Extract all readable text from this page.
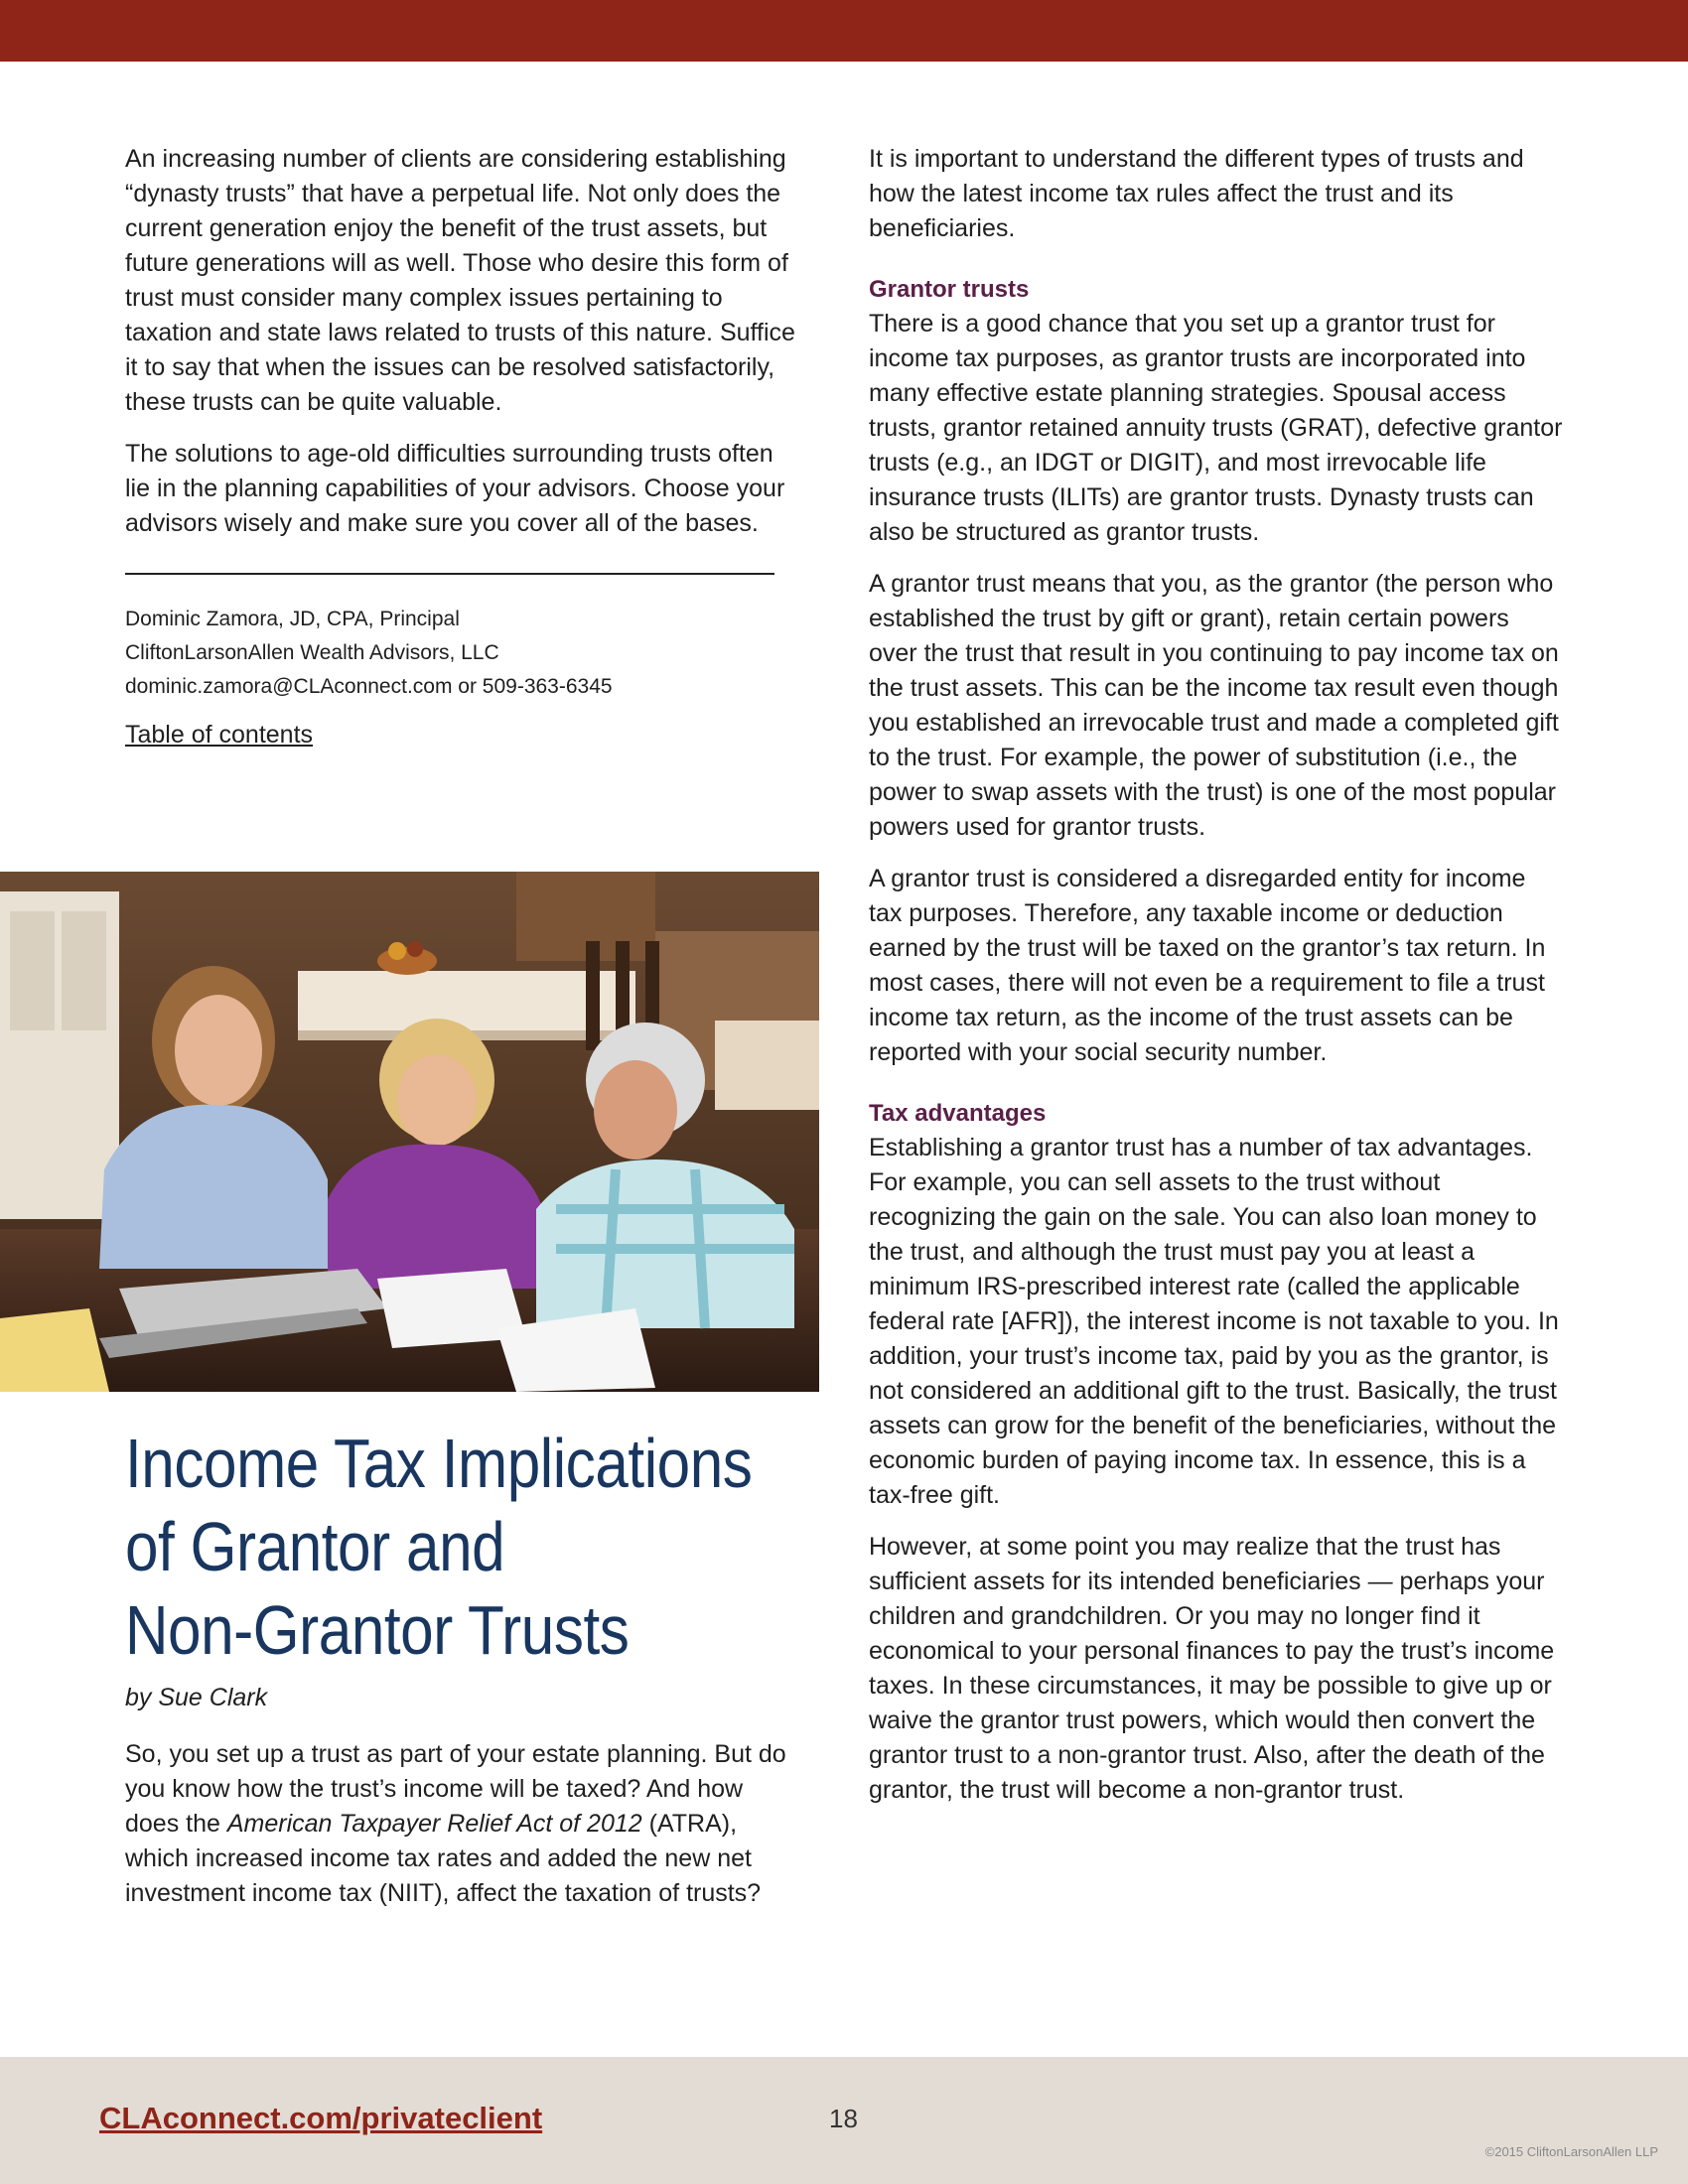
An increasing number of clients are considering establishing “dynasty trusts” that have a perpetual life. Not only does the current generation enjoy the benefit of the trust assets, but future generations will as well. Those who desire this form of trust must consider many complex issues pertaining to taxation and state laws related to trusts of this nature. Suffice it to say that when the issues can be resolved satisfactorily, these trusts can be quite valuable.

The solutions to age-old difficulties surrounding trusts often lie in the planning capabilities of your advisors. Choose your advisors wisely and make sure you cover all of the bases.

Dominic Zamora, JD, CPA, Principal

CliftonLarsonAllen Wealth Advisors, LLC

dominic.zamora@CLAconnect.com or 509-363-6345

Table of contents
Income Tax Implications
of Grantor and
Non-Grantor Trusts
by Sue Clark

So, you set up a trust as part of your estate planning. But do you know how the trust’s income will be taxed? And how does the American Taxpayer Relief Act of 2012 (ATRA), which increased income tax rates and added the new net investment income tax (NIIT), affect the taxation of trusts?

It is important to understand the different types of trusts and how the latest income tax rules affect the trust and its beneficiaries.

Grantor trusts

There is a good chance that you set up a grantor trust for income tax purposes, as grantor trusts are incorporated into many effective estate planning strategies. Spousal access trusts, grantor retained annuity trusts (GRAT), defective grantor trusts (e.g., an IDGT or DIGIT), and most irrevocable life insurance trusts (ILITs) are grantor trusts. Dynasty trusts can also be structured as grantor trusts.

A grantor trust means that you, as the grantor (the person who established the trust by gift or grant), retain certain powers over the trust that result in you continuing to pay income tax on the trust assets. This can be the income tax result even though you established an irrevocable trust and made a completed gift to the trust. For example, the power of substitution (i.e., the power to swap assets with the trust) is one of the most popular powers used for grantor trusts.

A grantor trust is considered a disregarded entity for income tax purposes. Therefore, any taxable income or deduction earned by the trust will be taxed on the grantor’s tax return. In most cases, there will not even be a requirement to file a trust income tax return, as the income of the trust assets can be reported with your social security number.

Tax advantages

Establishing a grantor trust has a number of tax advantages. For example, you can sell assets to the trust without recognizing the gain on the sale. You can also loan money to the trust, and although the trust must pay you at least a minimum IRS-prescribed interest rate (called the applicable federal rate [AFR]), the interest income is not taxable to you. In addition, your trust’s income tax, paid by you as the grantor, is not considered an additional gift to the trust. Basically, the trust assets can grow for the benefit of the beneficiaries, without the economic burden of paying income tax. In essence, this is a tax-free gift.

However, at some point you may realize that the trust has sufficient assets for its intended beneficiaries — perhaps your children and grandchildren. Or you may no longer find it economical to your personal finances to pay the trust’s income taxes. In these circumstances, it may be possible to give up or waive the grantor trust powers, which would then convert the grantor trust to a non-grantor trust. Also, after the death of the grantor, the trust will become a non-grantor trust.

CLAconnect.com/privateclient	18
©2015 CliftonLarsonAllen LLP
